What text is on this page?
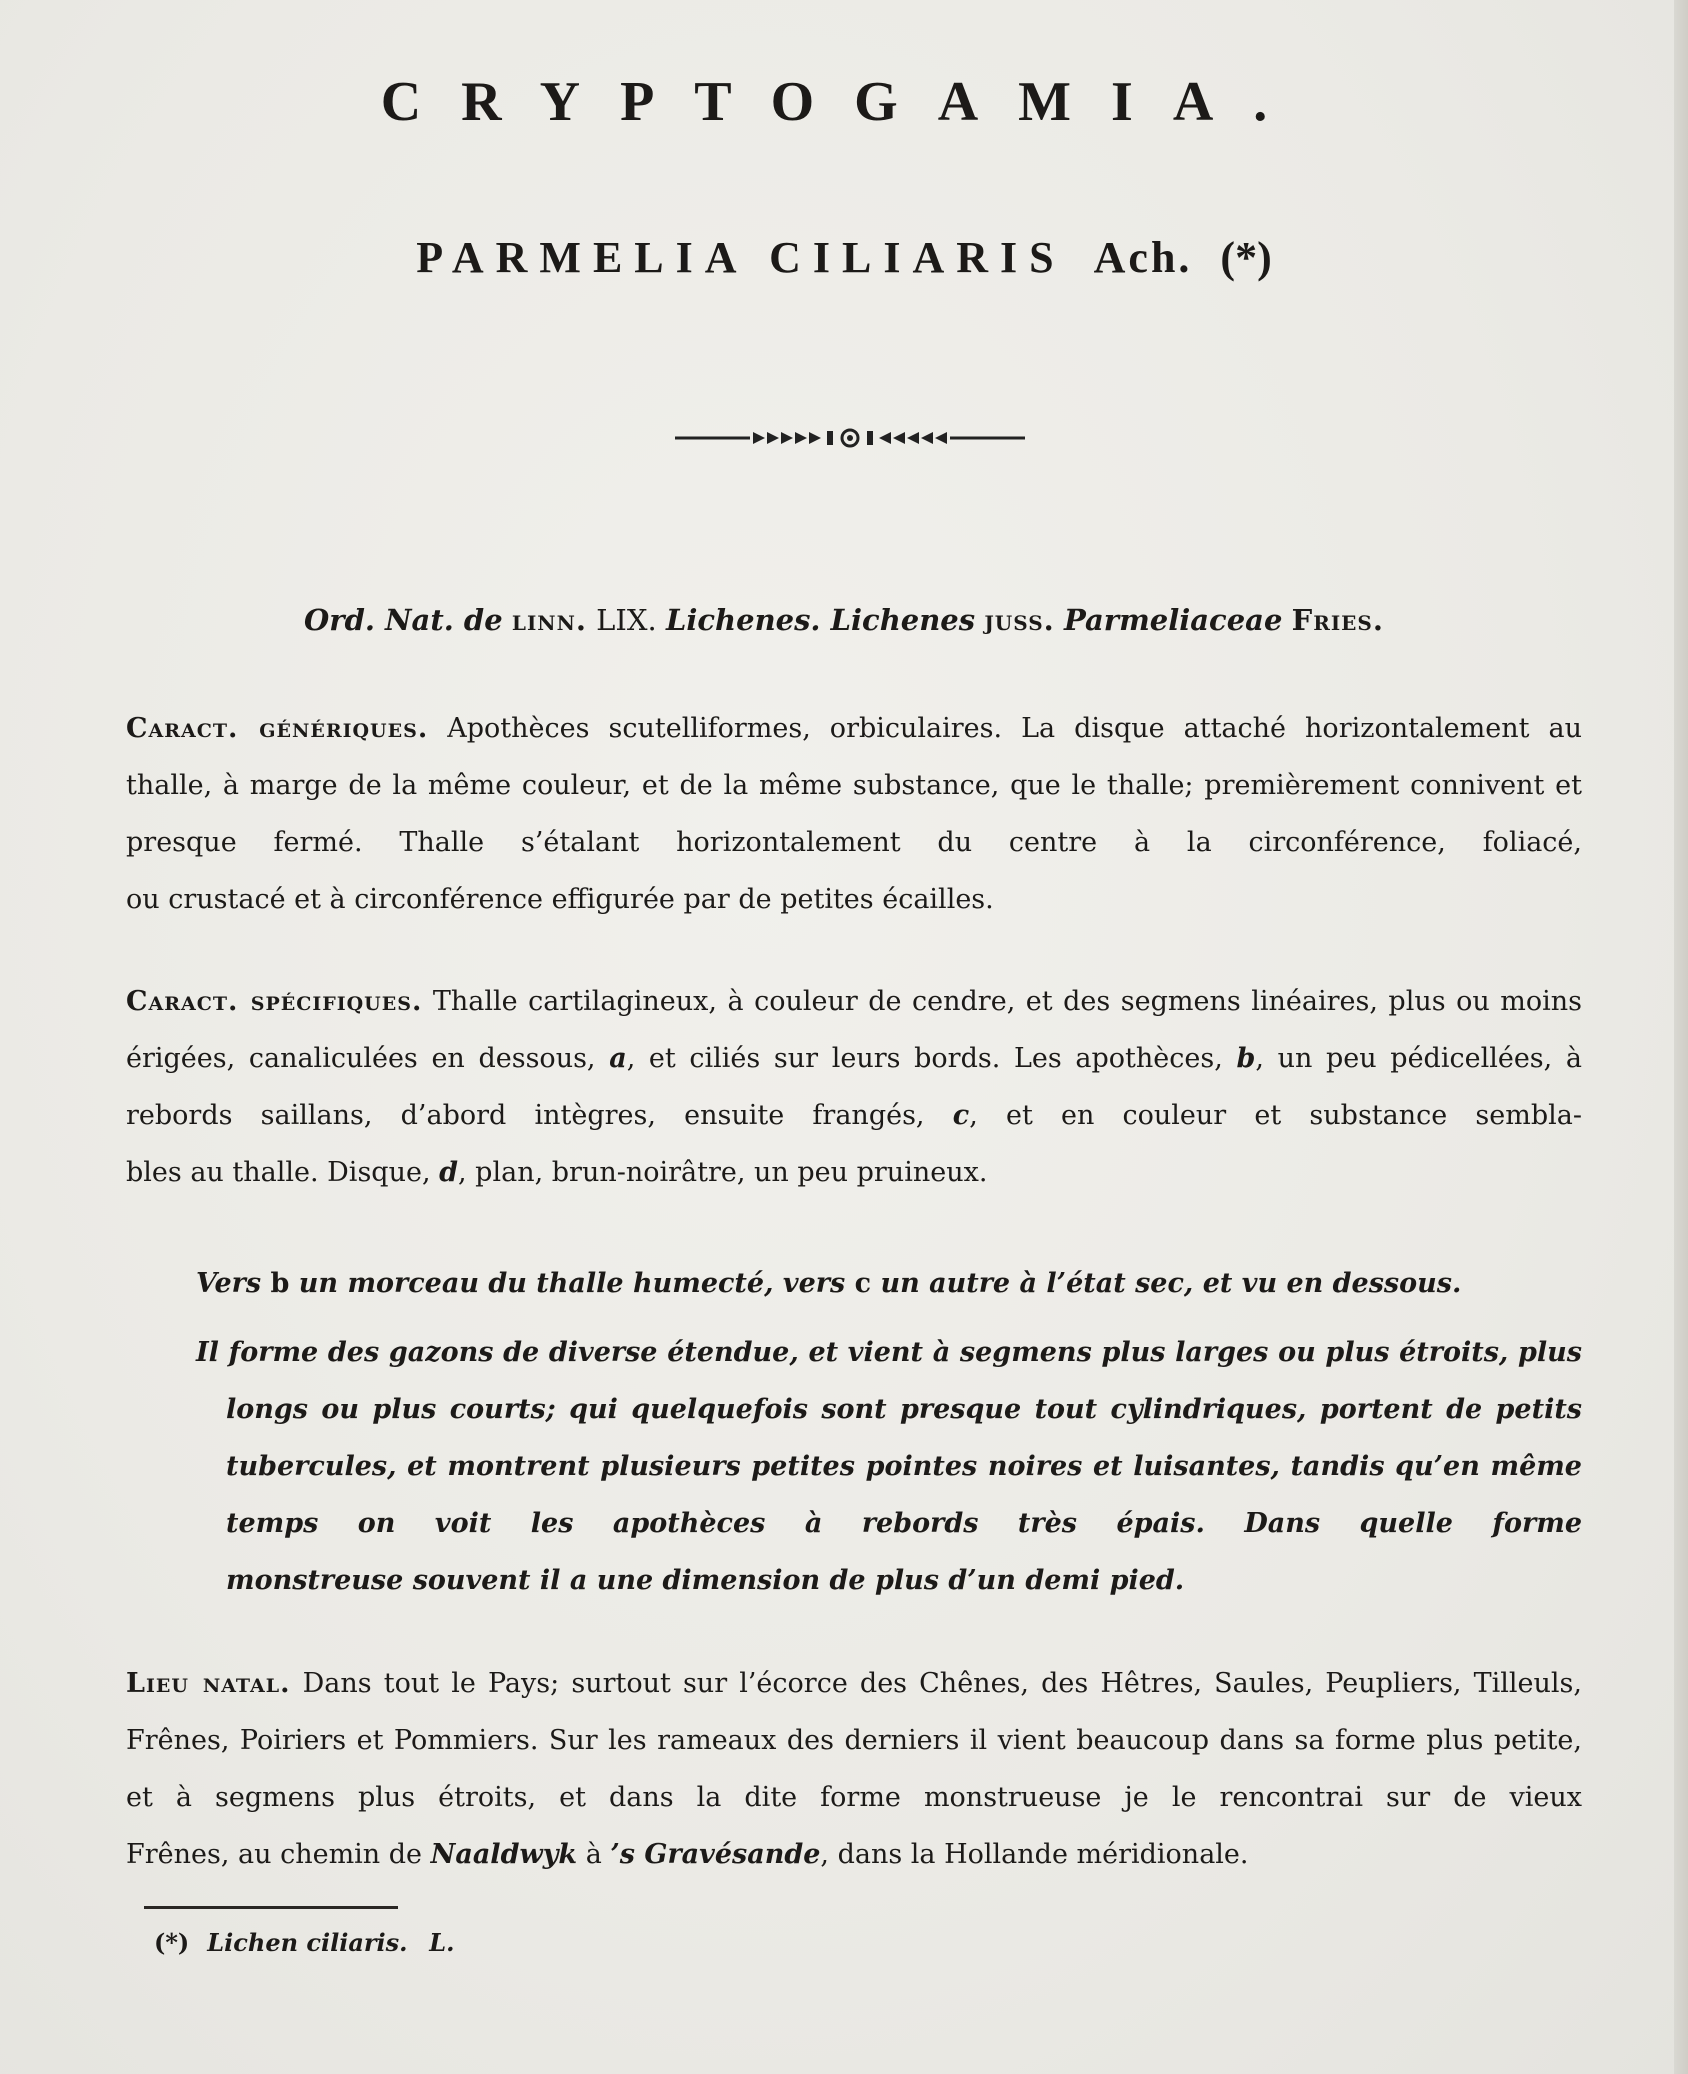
CRYPTOGAMIA.
PARMELIA CILIARIS Ach. (*)
Ord. Nat. de linn. LIX. Lichenes. Lichenes juss. Parmeliaceae Fries.
Caract. génériques. Apothèces scutelliformes, orbiculaires. La disque attaché horizontalement au thalle, à marge de la même couleur, et de la même substance, que le thalle; premièrement connivent et presque fermé. Thalle s’étalant horizontalement du centre à la circonférence, foliacé,
ou crustacé et à circonférence effigurée par de petites écailles.
Caract. spécifiques. Thalle cartilagineux, à couleur de cendre, et des segmens linéaires, plus ou moins érigées, canaliculées en dessous, a, et ciliés sur leurs bords. Les apothèces, b, un peu pédicellées, à rebords saillans, d’abord intègres, ensuite frangés, c, et en couleur et substance sembla-
bles au thalle. Disque, d, plan, brun-noirâtre, un peu pruineux.
Vers b un morceau du thalle humecté, vers c un autre à l’état sec, et vu en dessous.
Il forme des gazons de diverse étendue, et vient à segmens plus larges ou plus étroits, plus longs ou plus courts; qui quelquefois sont presque tout cylindriques, portent de petits tubercules, et montrent plusieurs petites pointes noires et luisantes, tandis qu’en même temps on voit les apothèces à rebords très épais. Dans quelle forme
monstreuse souvent il a une dimension de plus d’un demi pied.
Lieu natal. Dans tout le Pays; surtout sur l’écorce des Chênes, des Hêtres, Saules, Peupliers, Tilleuls, Frênes, Poiriers et Pommiers. Sur les rameaux des derniers il vient beaucoup dans sa forme plus petite, et à segmens plus étroits, et dans la dite forme monstrueuse je le rencontrai sur de vieux
Frênes, au chemin de Naaldwyk à ’s Gravésande, dans la Hollande méridionale.
(*) Lichen ciliaris. L.
